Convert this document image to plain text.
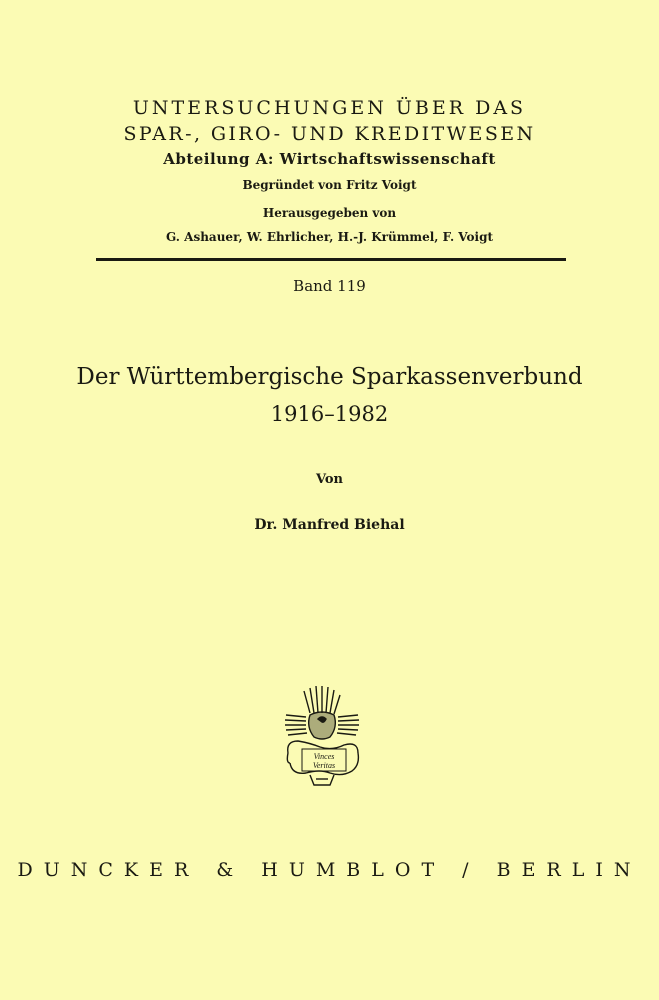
UNTERSUCHUNGEN ÜBER DAS
SPAR-, GIRO- UND KREDITWESEN
Abteilung A: Wirtschaftswissenschaft
Begründet von Fritz Voigt
Herausgegeben von
G. Ashauer, W. Ehrlicher, H.-J. Krümmel, F. Voigt
Band 119
Der Württembergische Sparkassenverbund
1916–1982
Von
Dr. Manfred Biehal
Vinces
Veritas
DUNCKER & HUMBLOT / BERLIN
